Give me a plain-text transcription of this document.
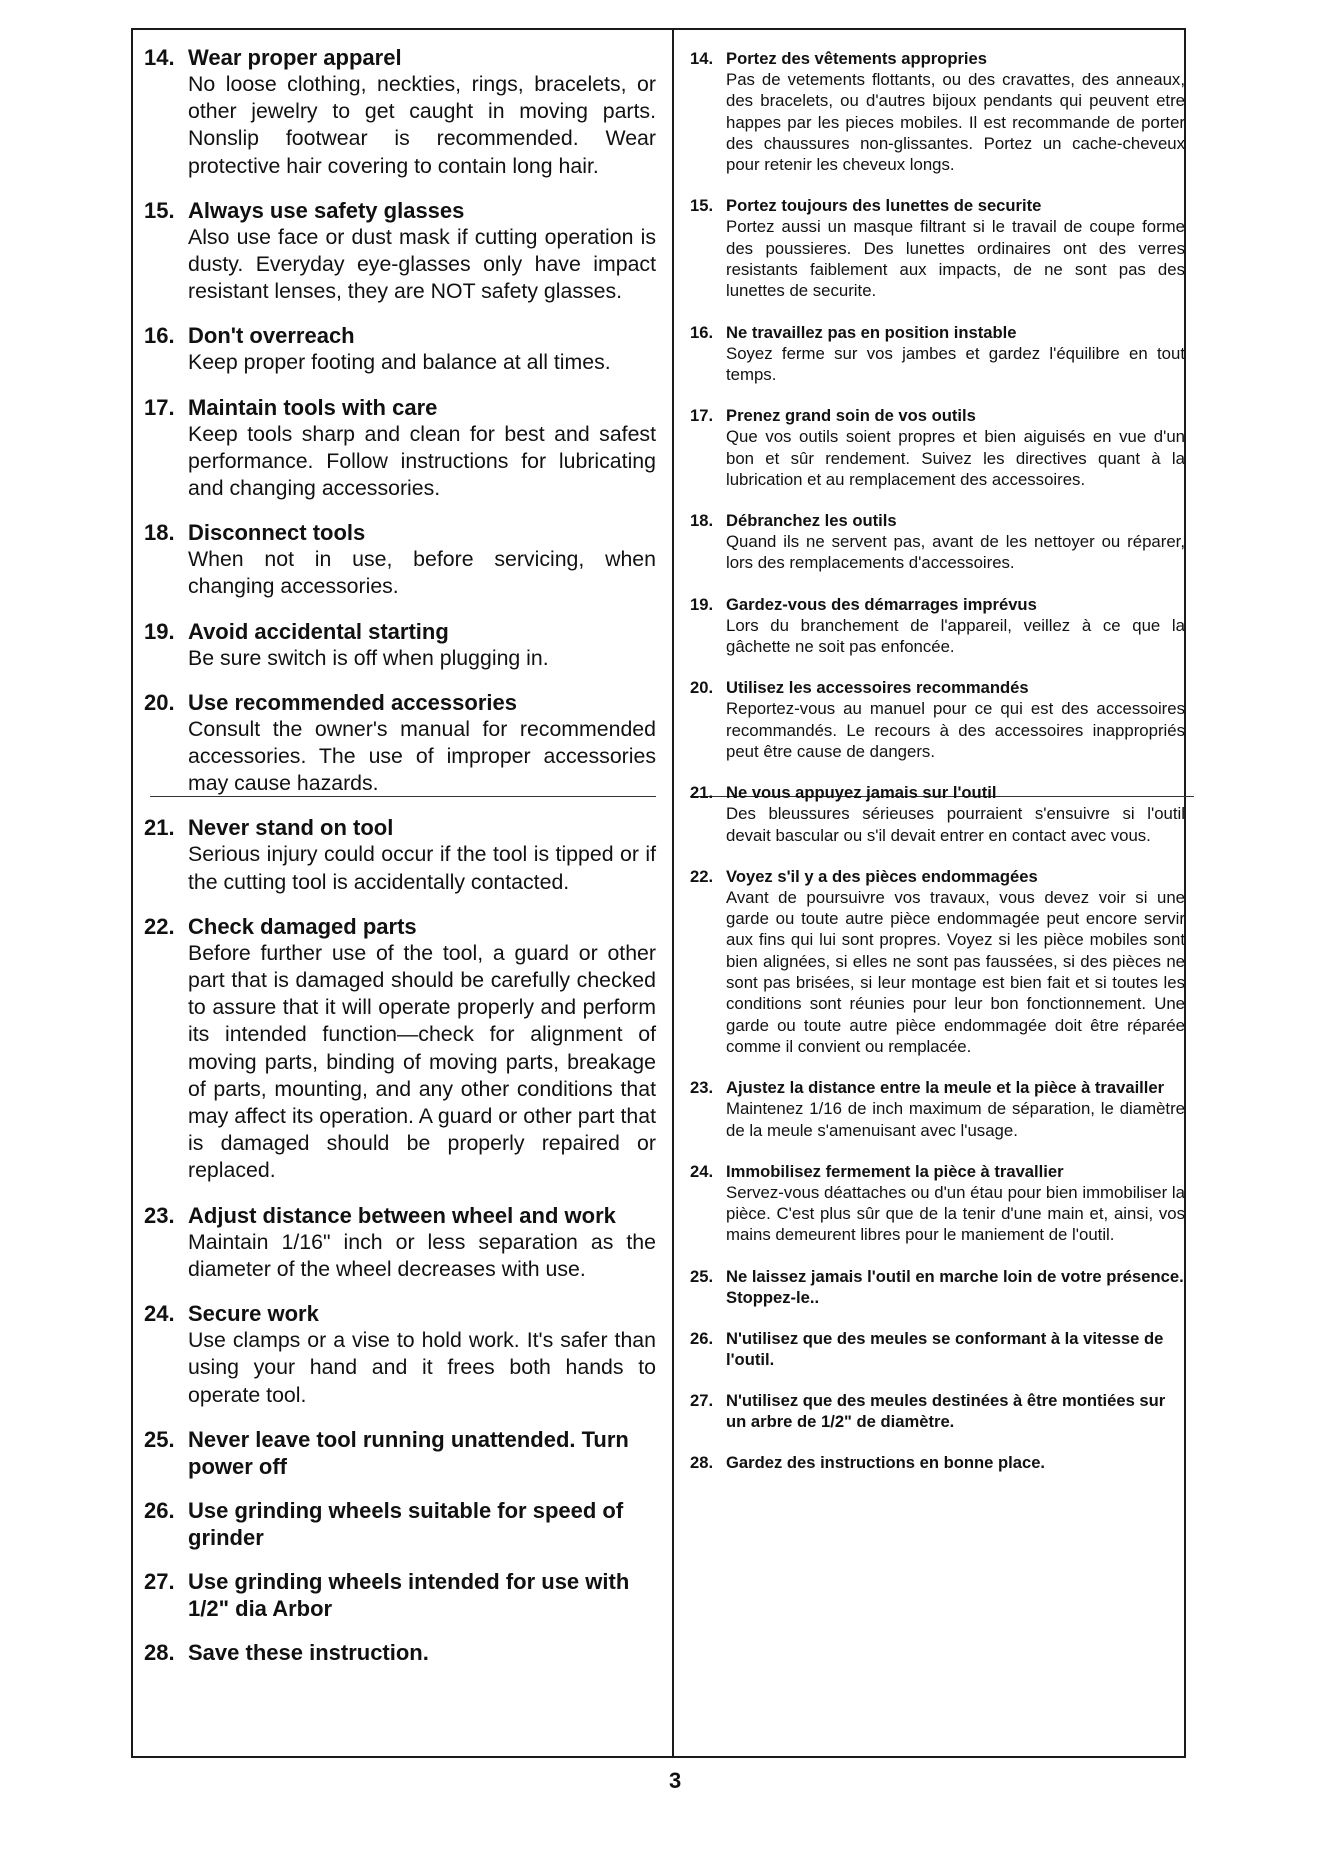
14. Wear proper apparel
No loose clothing, neckties, rings, bracelets, or other jewelry to get caught in moving parts. Nonslip footwear is recommended. Wear protective hair covering to contain long hair.
15. Always use safety glasses
Also use face or dust mask if cutting operation is dusty. Everyday eye-glasses only have impact resistant lenses, they are NOT safety glasses.
16. Don't overreach
Keep proper footing and balance at all times.
17. Maintain tools with care
Keep tools sharp and clean for best and safest performance. Follow instructions for lubricating and changing accessories.
18. Disconnect tools
When not in use, before servicing, when changing accessories.
19. Avoid accidental starting
Be sure switch is off when plugging in.
20. Use recommended accessories
Consult the owner's manual for recommended accessories. The use of improper accessories may cause hazards.
21. Never stand on tool
Serious injury could occur if the tool is tipped or if the cutting tool is accidentally contacted.
22. Check damaged parts
Before further use of the tool, a guard or other part that is damaged should be carefully checked to assure that it will operate properly and perform its intended function—check for alignment of moving parts, binding of moving parts, breakage of parts, mounting, and any other conditions that may affect its operation. A guard or other part that is damaged should be properly repaired or replaced.
23. Adjust distance between wheel and work
Maintain 1/16" inch or less separation as the diameter of the wheel decreases with use.
24. Secure work
Use clamps or a vise to hold work. It's safer than using your hand and it frees both hands to operate tool.
25. Never leave tool running unattended. Turn power off
26. Use grinding wheels suitable for speed of grinder
27. Use grinding wheels intended for use with 1/2" dia Arbor
28. Save these instruction.
14. Portez des vêtements appropries
Pas de vetements flottants, ou des cravattes, des anneaux, des bracelets, ou d'autres bijoux pendants qui peuvent etre happes par les pieces mobiles. Il est recommande de porter des chaussures non-glissantes. Portez un cache-cheveux pour retenir les cheveux longs.
15. Portez toujours des lunettes de securite
Portez aussi un masque filtrant si le travail de coupe forme des poussieres. Des lunettes ordinaires ont des verres resistants faiblement aux impacts, de ne sont pas des lunettes de securite.
16. Ne travaillez pas en position instable
Soyez ferme sur vos jambes et gardez l'équilibre en tout temps.
17. Prenez grand soin de vos outils
Que vos outils soient propres et bien aiguisés en vue d'un bon et sûr rendement. Suivez les directives quant à la lubrication et au remplacement des accessoires.
18. Débranchez les outils
Quand ils ne servent pas, avant de les nettoyer ou réparer, lors des remplacements d'accessoires.
19. Gardez-vous des démarrages imprévus
Lors du branchement de l'appareil, veillez à ce que la gâchette ne soit pas enfoncée.
20. Utilisez les accessoires recommandés
Reportez-vous au manuel pour ce qui est des accessoires recommandés. Le recours à des accessoires inappropriés peut être cause de dangers.
21. Ne vous appuyez jamais sur l'outil
Des bleussures sérieuses pourraient s'ensuivre si l'outil devait bascular ou s'il devait entrer en contact avec vous.
22. Voyez s'il y a des pièces endommagées
Avant de poursuivre vos travaux, vous devez voir si une garde ou toute autre pièce endommagée peut encore servir aux fins qui lui sont propres. Voyez si les pièce mobiles sont bien alignées, si elles ne sont pas faussées, si des pièces ne sont pas brisées, si leur montage est bien fait et si toutes les conditions sont réunies pour leur bon fonctionnement. Une garde ou toute autre pièce endommagée doit être réparée comme il convient ou remplacée.
23. Ajustez la distance entre la meule et la pièce à travailler
Maintenez 1/16 de inch maximum de séparation, le diamètre de la meule s'amenuisant avec l'usage.
24. Immobilisez fermement la pièce à travallier
Servez-vous déattaches ou d'un étau pour bien immobiliser la pièce. C'est plus sûr que de la tenir d'une main et, ainsi, vos mains demeurent libres pour le maniement de l'outil.
25. Ne laissez jamais l'outil en marche loin de votre présence. Stoppez-le..
26. N'utilisez que des meules se conformant à la vitesse de l'outil.
27. N'utilisez que des meules destinées à être montiées sur un arbre de 1/2" de diamètre.
28. Gardez des instructions en bonne place.
3
